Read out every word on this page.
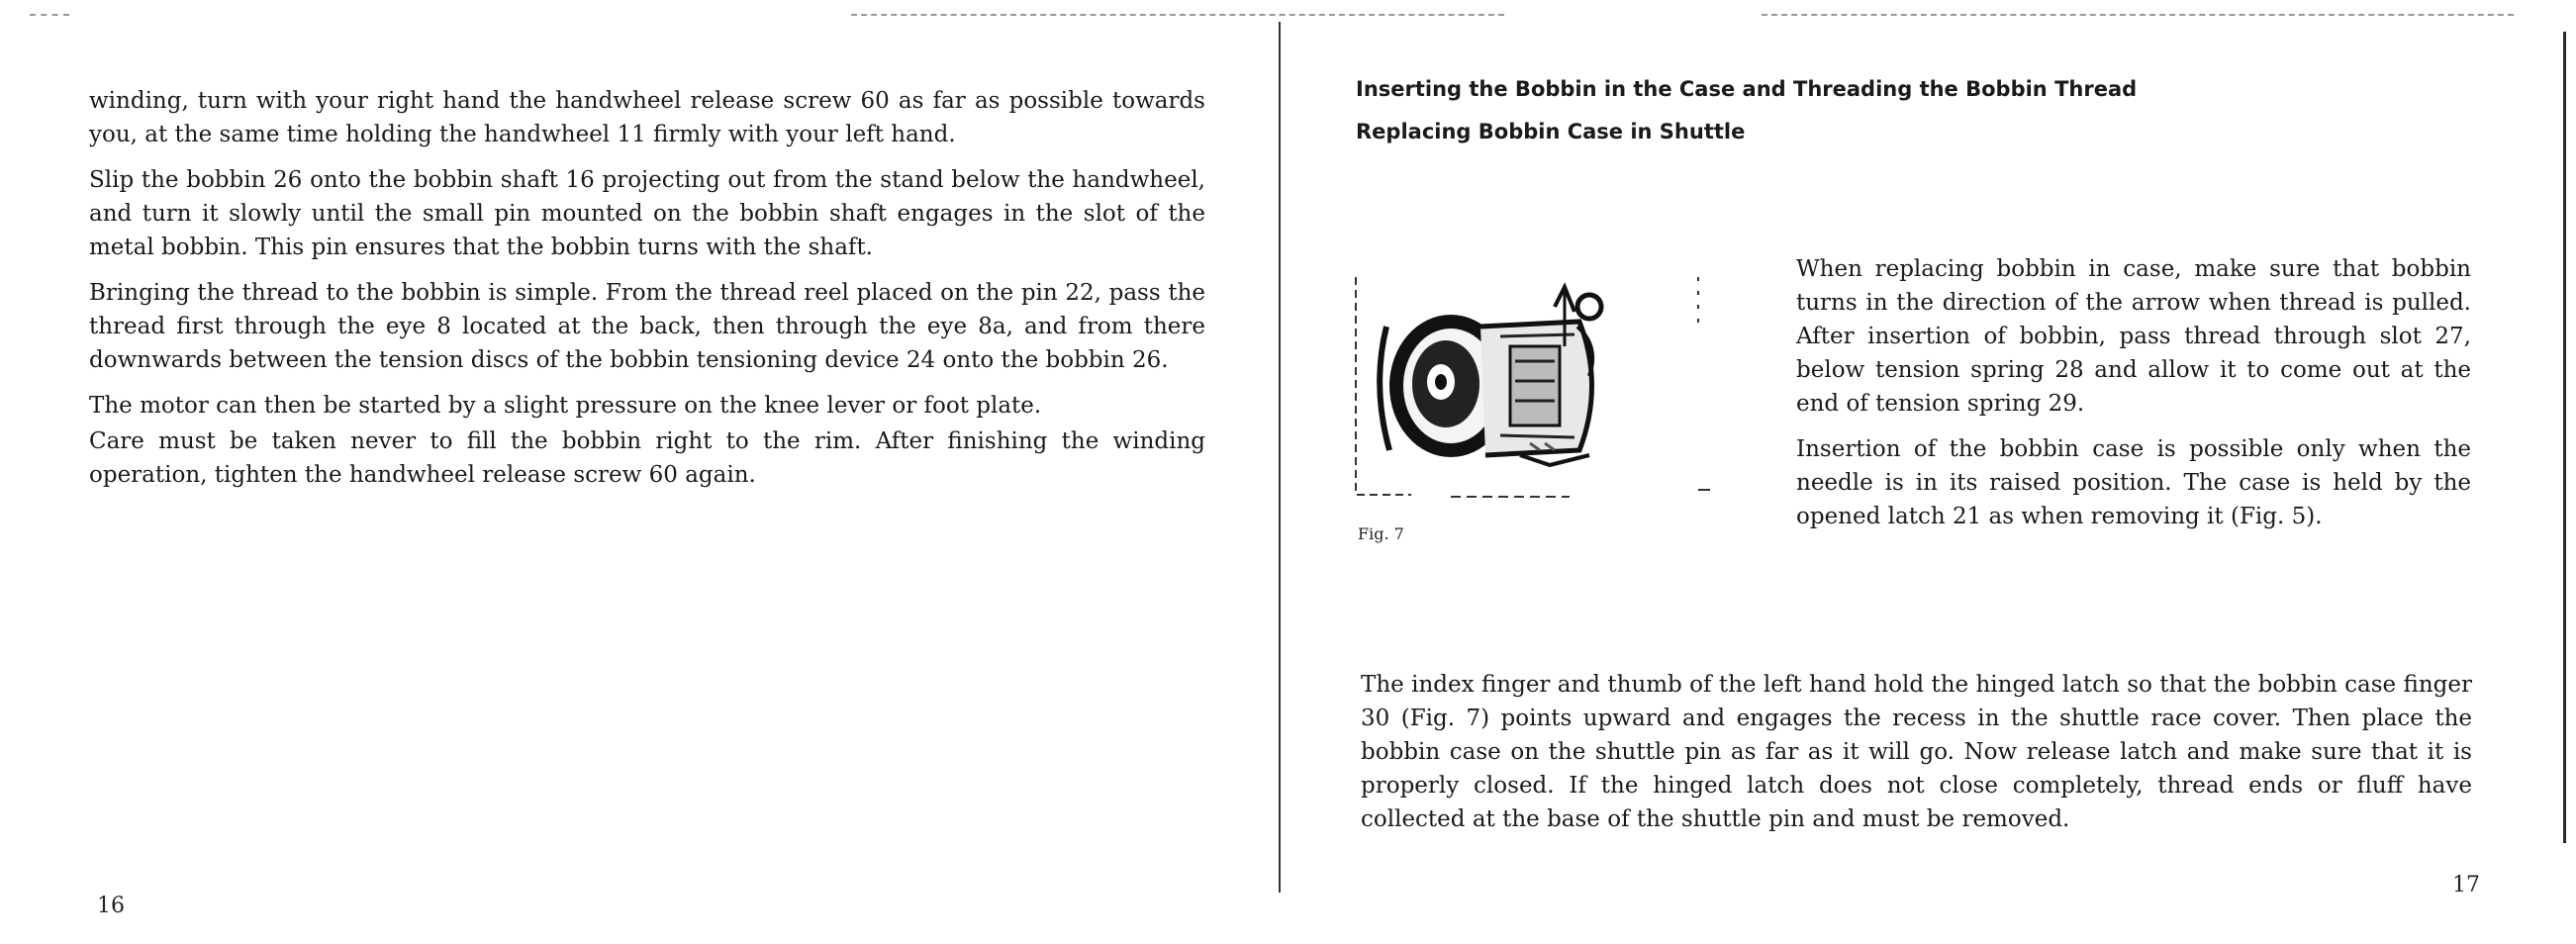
winding, turn with your right hand the handwheel release screw 60 as far as possible towards you, at the same time holding the handwheel 11 firmly with your left hand.

Slip the bobbin 26 onto the bobbin shaft 16 projecting out from the stand below the handwheel, and turn it slowly until the small pin mounted on the bobbin shaft engages in the slot of the metal bobbin. This pin ensures that the bobbin turns with the shaft.

Bringing the thread to the bobbin is simple. From the thread reel placed on the pin 22, pass the thread first through the eye 8 located at the back, then through the eye 8a, and from there downwards between the tension discs of the bobbin tensioning device 24 onto the bobbin 26.

The motor can then be started by a slight pressure on the knee lever or foot plate.

Care must be taken never to fill the bobbin right to the rim. After finishing the winding operation, tighten the handwheel release screw 60 again.

16
Inserting the Bobbin in the Case and Threading the Bobbin Thread
Replacing Bobbin Case in Shuttle
Fig. 7

When replacing bobbin in case, make sure that bobbin turns in the direction of the arrow when thread is pulled. After insertion of bobbin, pass thread through slot 27, below tension spring 28 and allow it to come out at the end of tension spring 29.

Insertion of the bobbin case is possible only when the needle is in its raised position. The case is held by the opened latch 21 as when removing it (Fig. 5).

The index finger and thumb of the left hand hold the hinged latch so that the bobbin case finger 30 (Fig. 7) points upward and engages the recess in the shuttle race cover. Then place the bobbin case on the shuttle pin as far as it will go. Now release latch and make sure that it is properly closed. If the hinged latch does not close completely, thread ends or fluff have collected at the base of the shuttle pin and must be removed.

17
